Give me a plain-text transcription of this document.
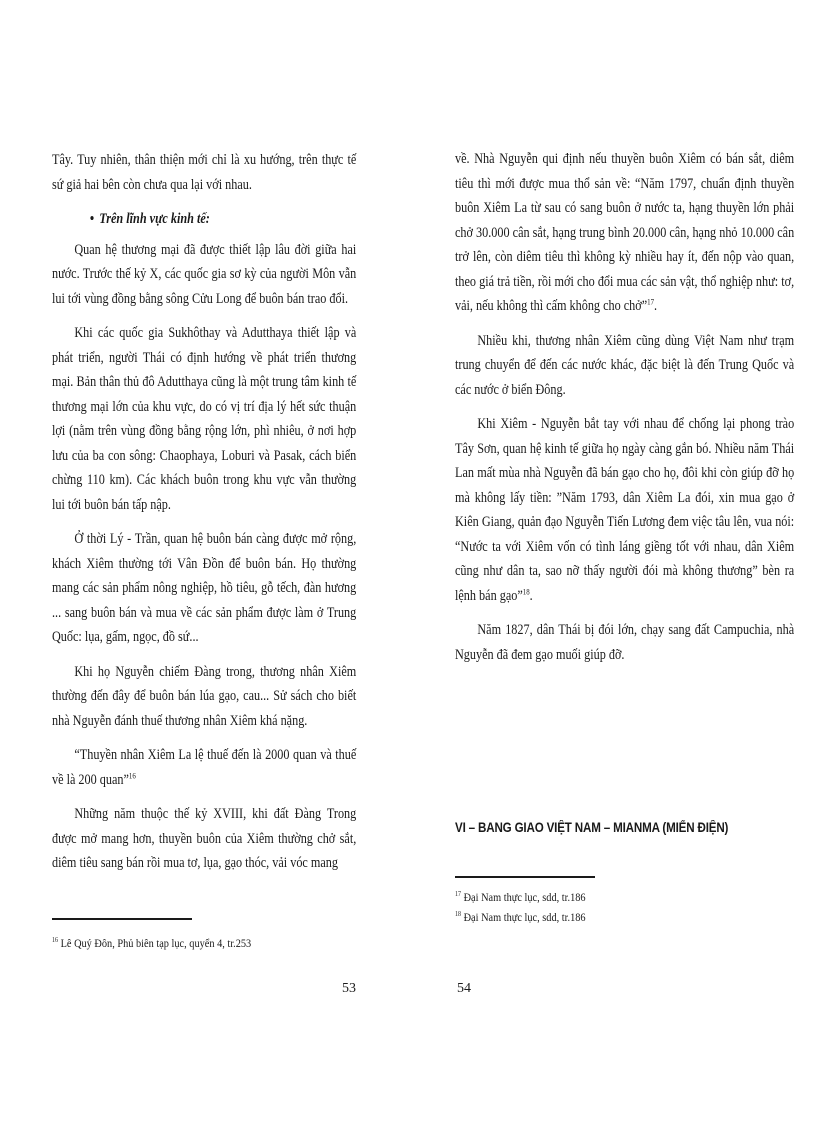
Tây. Tuy nhiên, thân thiện mới chỉ là xu hướng, trên thực tế sứ giả hai bên còn chưa qua lại với nhau.

• Trên lĩnh vực kinh tế:

Quan hệ thương mại đã được thiết lập lâu đời giữa hai nước. Trước thế kỷ X, các quốc gia sơ kỳ của người Môn vẫn lui tới vùng đồng bằng sông Cửu Long để buôn bán trao đổi.

Khi các quốc gia Sukhôthay và Adutthaya thiết lập và phát triển, người Thái có định hướng về phát triển thương mại. Bản thân thủ đô Adutthaya cũng là một trung tâm kinh tế thương mại lớn của khu vực, do có vị trí địa lý hết sức thuận lợi (nằm trên vùng đồng bằng rộng lớn, phì nhiêu, ở nơi hợp lưu của ba con sông: Chaophaya, Loburi và Pasak, cách biển chừng 110 km). Các khách buôn trong khu vực vẫn thường lui tới buôn bán tấp nập.

Ở thời Lý - Trần, quan hệ buôn bán càng được mở rộng, khách Xiêm thường tới Vân Đồn để buôn bán. Họ thường mang các sản phẩm nông nghiệp, hồ tiêu, gỗ tếch, đàn hương ... sang buôn bán và mua về các sản phẩm được làm ở Trung Quốc: lụa, gấm, ngọc, đồ sứ...

Khi họ Nguyễn chiếm Đàng trong, thương nhân Xiêm thường đến đây để buôn bán lúa gạo, cau... Sử sách cho biết nhà Nguyễn đánh thuế thương nhân Xiêm khá nặng.

“Thuyền nhân Xiêm La lệ thuế đến là 2000 quan và thuế về là 200 quan”$^{16}$

Những năm thuộc thế kỷ XVIII, khi đất Đàng Trong được mở mang hơn, thuyền buôn của Xiêm thường chở sắt, diêm tiêu sang bán rồi mua tơ, lụa, gạo thóc, vải vóc mang

$^{16}$ Lê Quý Đôn, Phủ biên tạp lục, quyển 4, tr.253
53

về. Nhà Nguyễn qui định nếu thuyền buôn Xiêm có bán sắt, diêm tiêu thì mới được mua thổ sản về: “Năm 1797, chuẩn định thuyền buôn Xiêm La từ sau có sang buôn ở nước ta, hạng thuyền lớn phải chở 30.000 cân sắt, hạng trung bình 20.000 cân, hạng nhỏ 10.000 cân trở lên, còn diêm tiêu thì không kỳ nhiều hay ít, đến nộp vào quan, theo giá trả tiền, rồi mới cho đổi mua các sản vật, thổ nghiệp như: tơ, vải, nếu không thì cấm không cho chở”$^{17}$.

Nhiều khi, thương nhân Xiêm cũng dùng Việt Nam như trạm trung chuyển để đến các nước khác, đặc biệt là đến Trung Quốc và các nước ở biển Đông.

Khi Xiêm - Nguyễn bắt tay với nhau để chống lại phong trào Tây Sơn, quan hệ kinh tế giữa họ ngày càng gắn bó. Nhiều năm Thái Lan mất mùa nhà Nguyễn đã bán gạo cho họ, đôi khi còn giúp đỡ họ mà không lấy tiền: ”Năm 1793, dân Xiêm La đói, xin mua gạo ở Kiên Giang, quản đạo Nguyễn Tiến Lương đem việc tâu lên, vua nói: “Nước ta với Xiêm vốn có tình láng giềng tốt với nhau, dân Xiêm cũng như dân ta, sao nỡ thấy người đói mà không thương” bèn ra lệnh bán gạo”$^{18}$.

Năm 1827, dân Thái bị đói lớn, chạy sang đất Campuchia, nhà Nguyễn đã đem gạo muối giúp đỡ.

VI – BANG GIAO VIỆT NAM – MIANMA (MIẾN ĐIỆN)
$^{17}$ Đại Nam thực lục, sdd, tr.186
$^{18}$ Đại Nam thực lục, sdd, tr.186
54
